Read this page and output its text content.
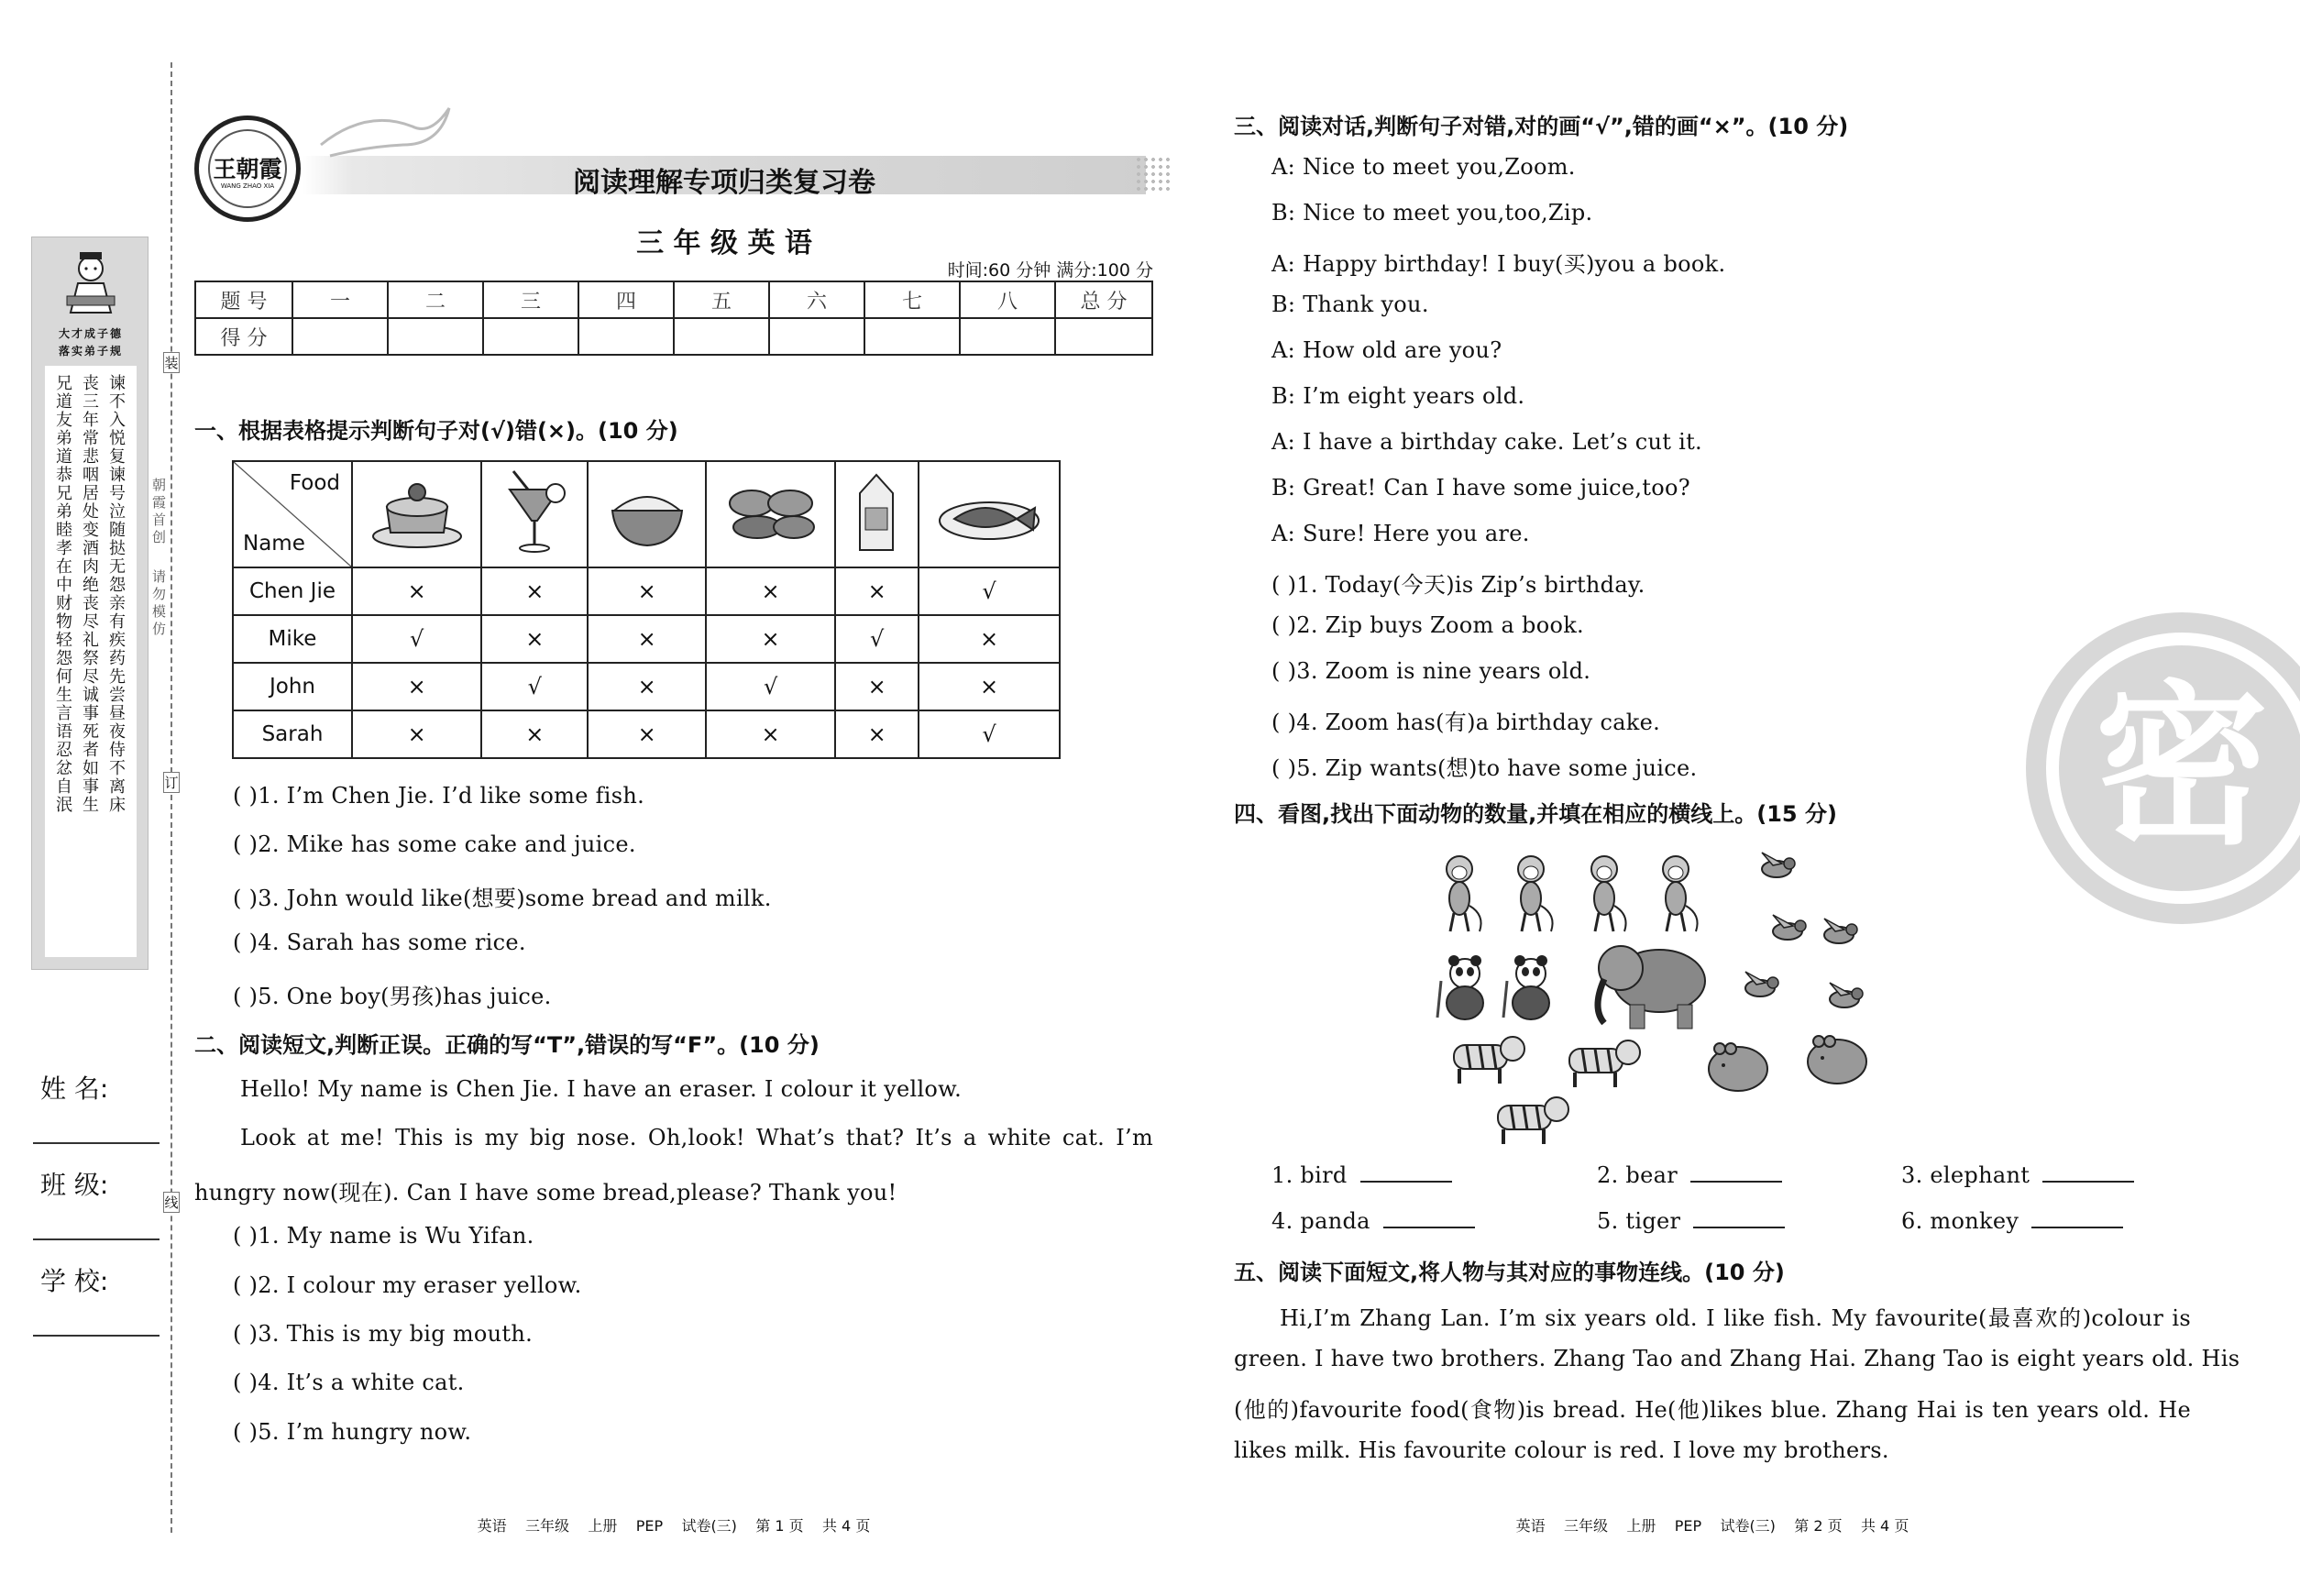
大才成子德
落实弟子规
兄道友弟道恭兄弟睦孝在中财物轻怨何生言语忍忿自泯
丧三年常悲咽居处变酒肉绝丧尽礼祭尽诚事死者如事生
谏不入悦复谏号泣随挞无怨亲有疾药先尝昼夜侍不离床
姓 名:
班 级:
学 校:
装
订
线
朝霞首创
请勿模仿
王朝霞
WANG ZHAO XIA	阅读理解专项归类复习卷
三 年 级 英 语
时间:60 分钟 满分:100 分
题 号	一	二	三	四	五	六	七	八	总 分
得 分									
一、根据表格提示判断句子对(√)错(×)。(10 分)
Food
Name

Chen Jie	×	×	×	×	×	√
Mike	√	×	×	×	√	×
John	×	√	×	√	×	×
Sarah	×	×	×	×	×	√
( )1. I’m Chen Jie. I’d like some fish.
( )2. Mike has some cake and juice.
( )3. John would like(想要)some bread and milk.
( )4. Sarah has some rice.
( )5. One boy(男孩)has juice.
二、阅读短文,判断正误。正确的写“T”,错误的写“F”。(10 分)
Hello! My name is Chen Jie. I have an eraser. I colour it yellow.
Look at me! This is my big nose. Oh,look! What’s that? It’s a white cat. I’m
hungry now(现在). Can I have some bread,please? Thank you!
( )1. My name is Wu Yifan.
( )2. I colour my eraser yellow.
( )3. This is my big mouth.
( )4. It’s a white cat.
( )5. I’m hungry now.
英语    三年级    上册    PEP    试卷(三)    第 1 页    共 4 页
密
三、阅读对话,判断句子对错,对的画“√”,错的画“×”。(10 分)
A: Nice to meet you,Zoom.
B: Nice to meet you,too,Zip.
A: Happy birthday! I buy(买)you a book.
B: Thank you.
A: How old are you?
B: I’m eight years old.
A: I have a birthday cake. Let’s cut it.
B: Great! Can I have some juice,too?
A: Sure! Here you are.
( )1. Today(今天)is Zip’s birthday.
( )2. Zip buys Zoom a book.
( )3. Zoom is nine years old.
( )4. Zoom has(有)a birthday cake.
( )5. Zip wants(想)to have some juice.
四、看图,找出下面动物的数量,并填在相应的横线上。(15 分)
1. bird	2. bear	3. elephant
4. panda	5. tiger	6. monkey
五、阅读下面短文,将人物与其对应的事物连线。(10 分)
Hi,I’m Zhang Lan. I’m six years old. I like fish. My favourite(最喜欢的)colour is
green. I have two brothers. Zhang Tao and Zhang Hai. Zhang Tao is eight years old. His
(他的)favourite food(食物)is bread. He(他)likes blue. Zhang Hai is ten years old. He
likes milk. His favourite colour is red. I love my brothers.
英语    三年级    上册    PEP    试卷(三)    第 2 页    共 4 页
